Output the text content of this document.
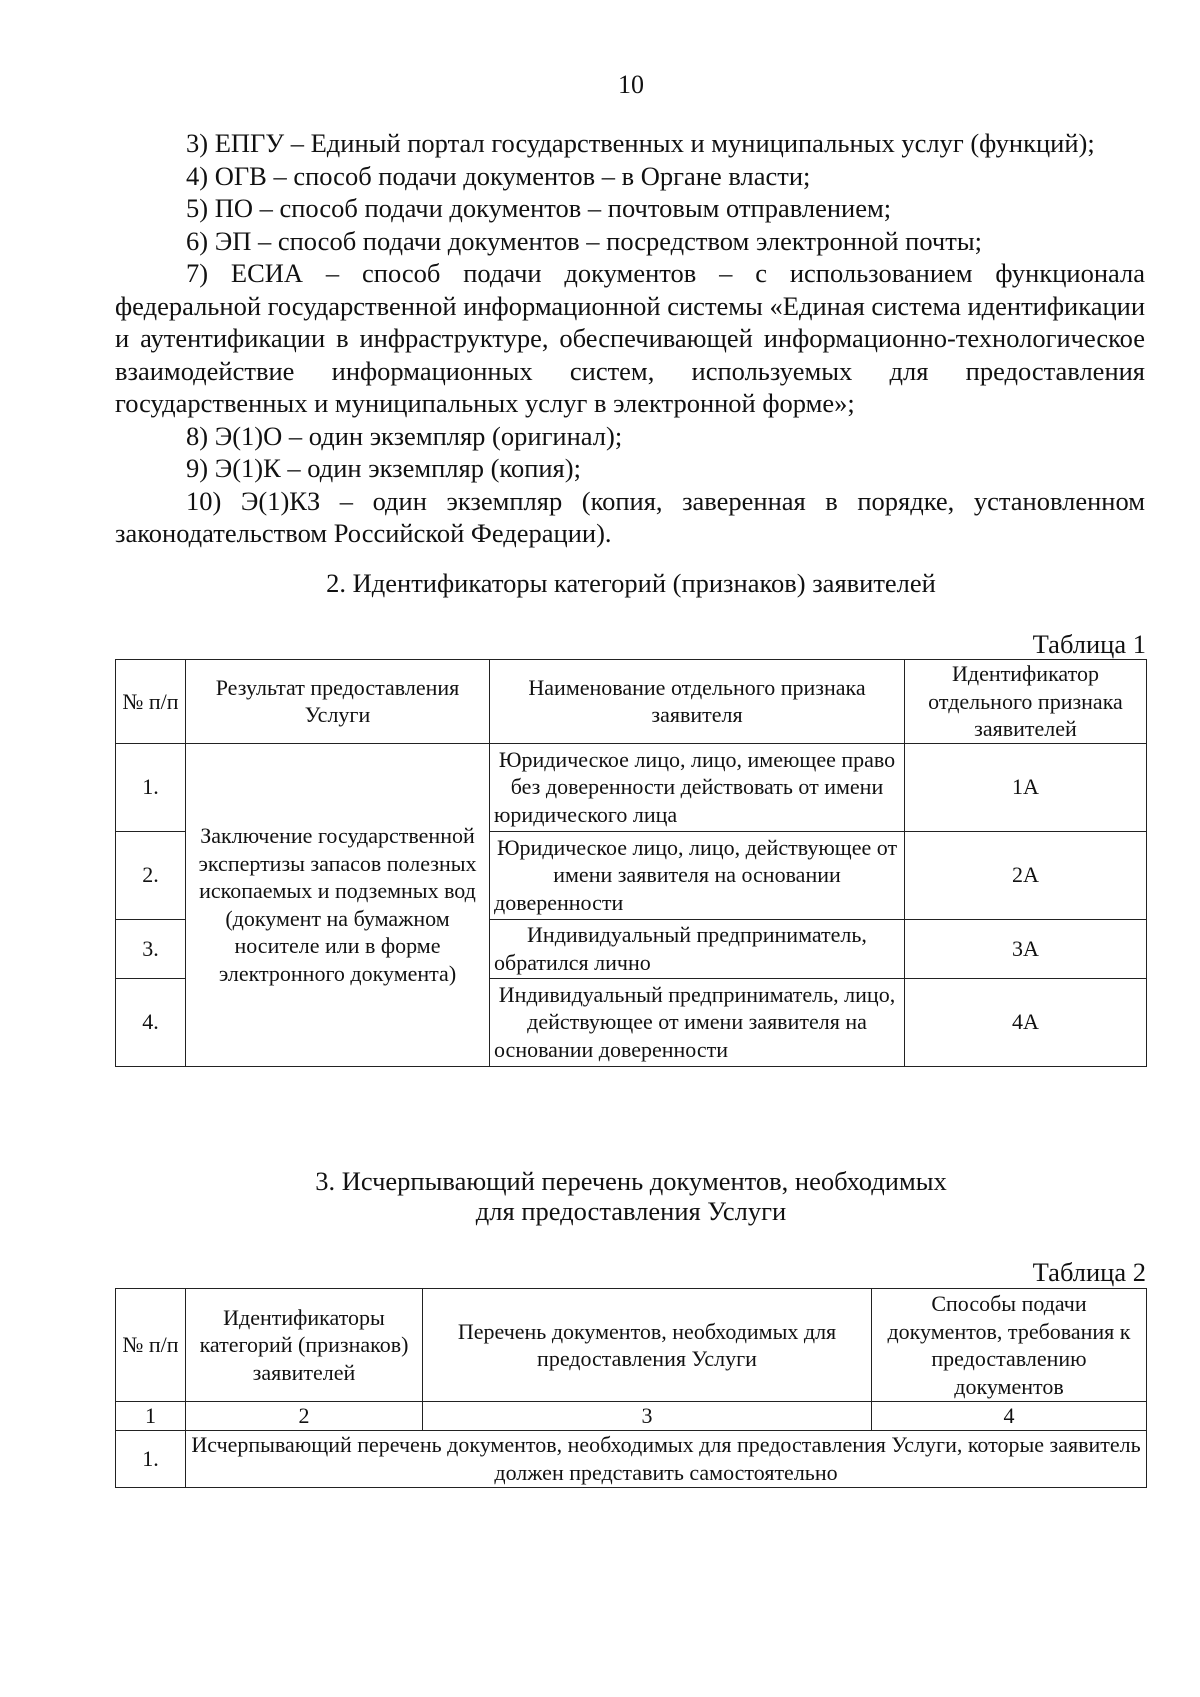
10

3) ЕПГУ – Единый портал государственных и муниципальных услуг (функций);

4) ОГВ – способ подачи документов – в Органе власти;

5) ПО – способ подачи документов – почтовым отправлением;

6) ЭП – способ подачи документов – посредством электронной почты;

7) ЕСИА – способ подачи документов – с использованием функционала федеральной государственной информационной системы «Единая система идентификации и аутентификации в инфраструктуре, обеспечивающей информационно-технологическое взаимодействие информационных систем, используемых для предоставления государственных и муниципальных услуг в электронной форме»;

8) Э(1)О – один экземпляр (оригинал);

9) Э(1)К – один экземпляр (копия);

10) Э(1)КЗ – один экземпляр (копия, заверенная в порядке, установленном законодательством Российской Федерации).

2. Идентификаторы категорий (признаков) заявителей

Таблица 1
№ п/п	Результат предоставления Услуги	Наименование отдельного признака заявителя	Идентификатор отдельного признака заявителей
1.	Заключение государственной экспертизы запасов полезных ископаемых и подземных вод (документ на бумажном носителе или в форме электронного документа)	Юридическое лицо, лицо, имеющее право без доверенности действовать от имени юридического лица	1А
2.		Юридическое лицо, лицо, действующее от имени заявителя на основании доверенности	2А
3.		Индивидуальный предприниматель, обратился лично	3А
4.		Индивидуальный предприниматель, лицо, действующее от имени заявителя на основании доверенности	4А

3. Исчерпывающий перечень документов, необходимых

для предоставления Услуги

Таблица 2
№ п/п	Идентификаторы категорий (признаков) заявителей	Перечень документов, необходимых для предоставления Услуги	Способы подачи документов, требования к предоставлению документов
1	2	3	4
1.	Исчерпывающий перечень документов, необходимых для предоставления Услуги, которые заявитель должен представить самостоятельно		
